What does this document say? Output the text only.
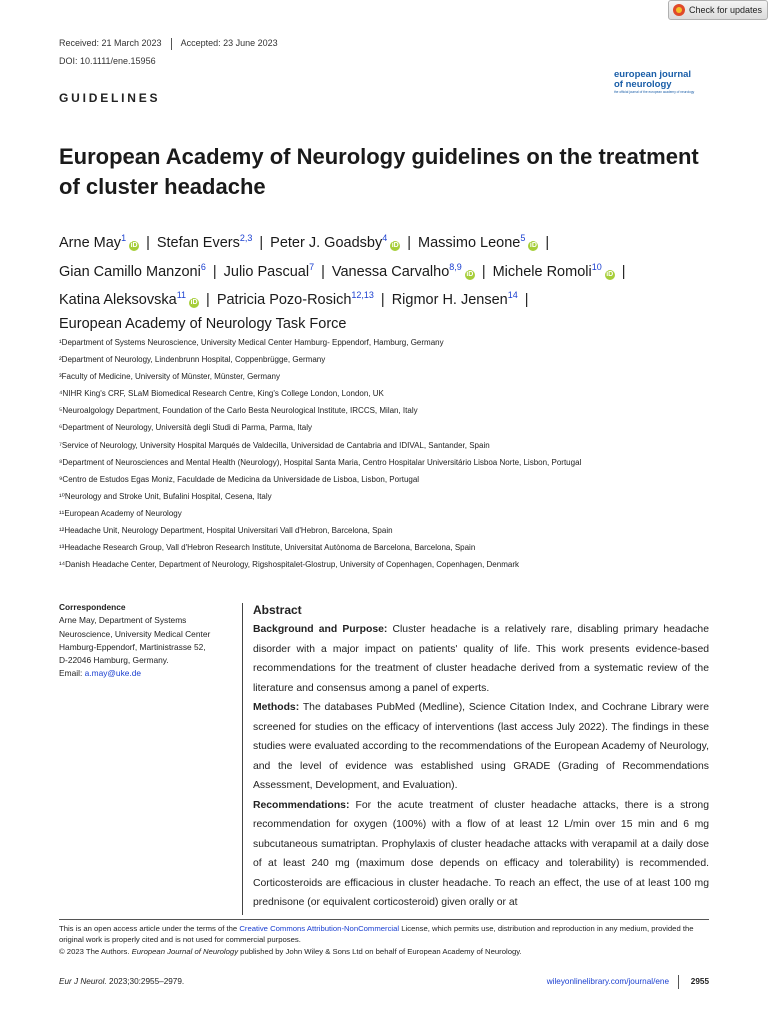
Check for updates
Received: 21 March 2023 Accepted: 23 June 2023
DOI: 10.1111/ene.15956
GUIDELINES
european journal
of neurology
the official journal of the european academy of neurology
European Academy of Neurology guidelines on the treatment of cluster headache
Arne May$^1$iD | Stefan Evers$^{2,3}$ | Peter J. Goadsby$^4$iD | Massimo Leone$^5$iD |
Gian Camillo Manzoni$^6$ | Julio Pascual$^7$ | Vanessa Carvalho$^{8,9}$iD | Michele Romoli$^{10}$iD |
Katina Aleksovska$^{11}$iD | Patricia Pozo-Rosich$^{12,13}$ | Rigmor H. Jensen$^{14}$ |
European Academy of Neurology Task Force
¹Department of Systems Neuroscience, University Medical Center Hamburg- Eppendorf, Hamburg, Germany
²Department of Neurology, Lindenbrunn Hospital, Coppenbrügge, Germany
³Faculty of Medicine, University of Münster, Münster, Germany
⁴NIHR King's CRF, SLaM Biomedical Research Centre, King's College London, London, UK
⁵Neuroalgology Department, Foundation of the Carlo Besta Neurological Institute, IRCCS, Milan, Italy
⁶Department of Neurology, Università degli Studi di Parma, Parma, Italy
⁷Service of Neurology, University Hospital Marqués de Valdecilla, Universidad de Cantabria and IDIVAL, Santander, Spain
⁸Department of Neurosciences and Mental Health (Neurology), Hospital Santa Maria, Centro Hospitalar Universitário Lisboa Norte, Lisbon, Portugal
⁹Centro de Estudos Egas Moniz, Faculdade de Medicina da Universidade de Lisboa, Lisbon, Portugal
¹⁰Neurology and Stroke Unit, Bufalini Hospital, Cesena, Italy
¹¹European Academy of Neurology
¹²Headache Unit, Neurology Department, Hospital Universitari Vall d'Hebron, Barcelona, Spain
¹³Headache Research Group, Vall d'Hebron Research Institute, Universitat Autònoma de Barcelona, Barcelona, Spain
¹⁴Danish Headache Center, Department of Neurology, Rigshospitalet-Glostrup, University of Copenhagen, Copenhagen, Denmark
Correspondence
Arne May, Department of Systems
Neuroscience, University Medical Center
Hamburg-Eppendorf, Martinistrasse 52,
D-22046 Hamburg, Germany.
Email: a.may@uke.de
Abstract

Background and Purpose: Cluster headache is a relatively rare, disabling primary headache disorder with a major impact on patients' quality of life. This work presents evidence-based recommendations for the treatment of cluster headache derived from a systematic review of the literature and consensus among a panel of experts.

Methods: The databases PubMed (Medline), Science Citation Index, and Cochrane Library were screened for studies on the efficacy of interventions (last access July 2022). The findings in these studies were evaluated according to the recommendations of the European Academy of Neurology, and the level of evidence was established using GRADE (Grading of Recommendations Assessment, Development, and Evaluation).

Recommendations: For the acute treatment of cluster headache attacks, there is a strong recommendation for oxygen (100%) with a flow of at least 12 L/min over 15 min and 6 mg subcutaneous sumatriptan. Prophylaxis of cluster headache attacks with verapamil at a daily dose of at least 240 mg (maximum dose depends on efficacy and tolerability) is recommended. Corticosteroids are efficacious in cluster headache. To reach an effect, the use of at least 100 mg prednisone (or equivalent corticosteroid) given orally or at

This is an open access article under the terms of the Creative Commons Attribution-NonCommercial License, which permits use, distribution and reproduction in any medium, provided the original work is properly cited and is not used for commercial purposes.
© 2023 The Authors. European Journal of Neurology published by John Wiley & Sons Ltd on behalf of European Academy of Neurology.
Eur J Neurol. 2023;30:2955–2979.	wileyonlinelibrary.com/journal/ene	2955
